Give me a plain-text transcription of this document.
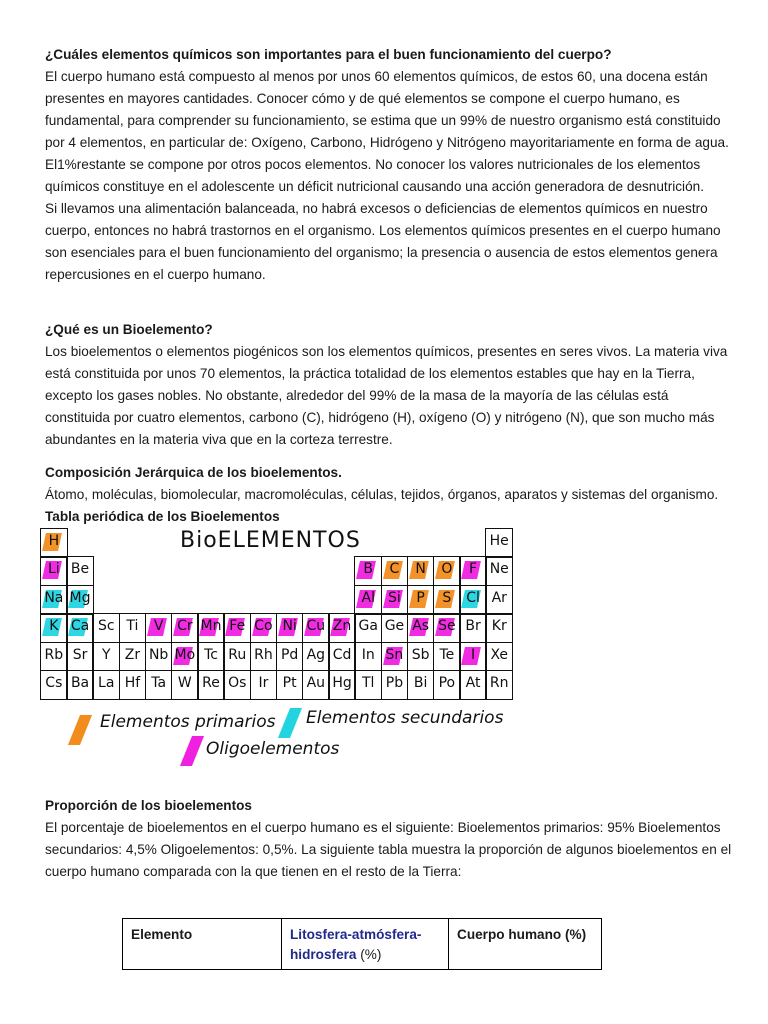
¿Cuáles elementos químicos son importantes para el buen funcionamiento del cuerpo?

El cuerpo humano está compuesto al menos por unos 60 elementos químicos, de estos 60, una docena están presentes en mayores cantidades. Conocer cómo y de qué elementos se compone el cuerpo humano, es fundamental, para comprender su funcionamiento, se estima que un 99% de nuestro organismo está constituido por 4 elementos, en particular de: Oxígeno, Carbono, Hidrógeno y Nitrógeno mayoritariamente en forma de agua. El1%restante se compone por otros pocos elementos. No conocer los valores nutricionales de los elementos químicos constituye en el adolescente un déficit nutricional causando una acción generadora de desnutrición.

Si llevamos una alimentación balanceada, no habrá excesos o deficiencias de elementos químicos en nuestro cuerpo, entonces no habrá trastornos en el organismo. Los elementos químicos presentes en el cuerpo humano son esenciales para el buen funcionamiento del organismo; la presencia o ausencia de estos elementos genera repercusiones en el cuerpo humano.

¿Qué es un Bioelemento?

Los bioelementos o elementos piogénicos son los elementos químicos, presentes en seres vivos. La materia viva está constituida por unos 70 elementos, la práctica totalidad de los elementos estables que hay en la Tierra, excepto los gases nobles. No obstante, alrededor del 99% de la masa de la mayoría de las células está constituida por cuatro elementos, carbono (C), hidrógeno (H), oxígeno (O) y nitrógeno (N), que son mucho más abundantes en la materia viva que en la corteza terrestre.

Composición Jerárquica de los bioelementos.

Átomo, moléculas, biomolecular, macromoléculas, células, tejidos, órganos, aparatos y sistemas del organismo.

Tabla periódica de los Bioelementos

BioELEMENTOS
H	He
Li Be	B	C	N	O	F Ne
Na Mg	Al Si	P	S	Cl Ar
K Ca Sc Ti	V Cr Mn Fe Co Ni Cu Zn Ga Ge As Se Br Kr
Rb Sr	Y	Zr Nb Mo Tc Ru Rh Pd Ag Cd In Sn Sb Te	I	Xe
Cs Ba La Hf Ta W Re Os Ir	Pt Au Hg Tl Pb Bi Po At Rn
Elementos primarios Elementos secundarios
Oligoelementos

Proporción de los bioelementos

El porcentaje de bioelementos en el cuerpo humano es el siguiente: Bioelementos primarios: 95% Bioelementos secundarios: 4,5% Oligoelementos: 0,5%. La siguiente tabla muestra la proporción de algunos bioelementos en el cuerpo humano comparada con la que tienen en el resto de la Tierra:

Elemento	Litosfera-atmósfera-hidrosfera (%)	Cuerpo humano (%)
